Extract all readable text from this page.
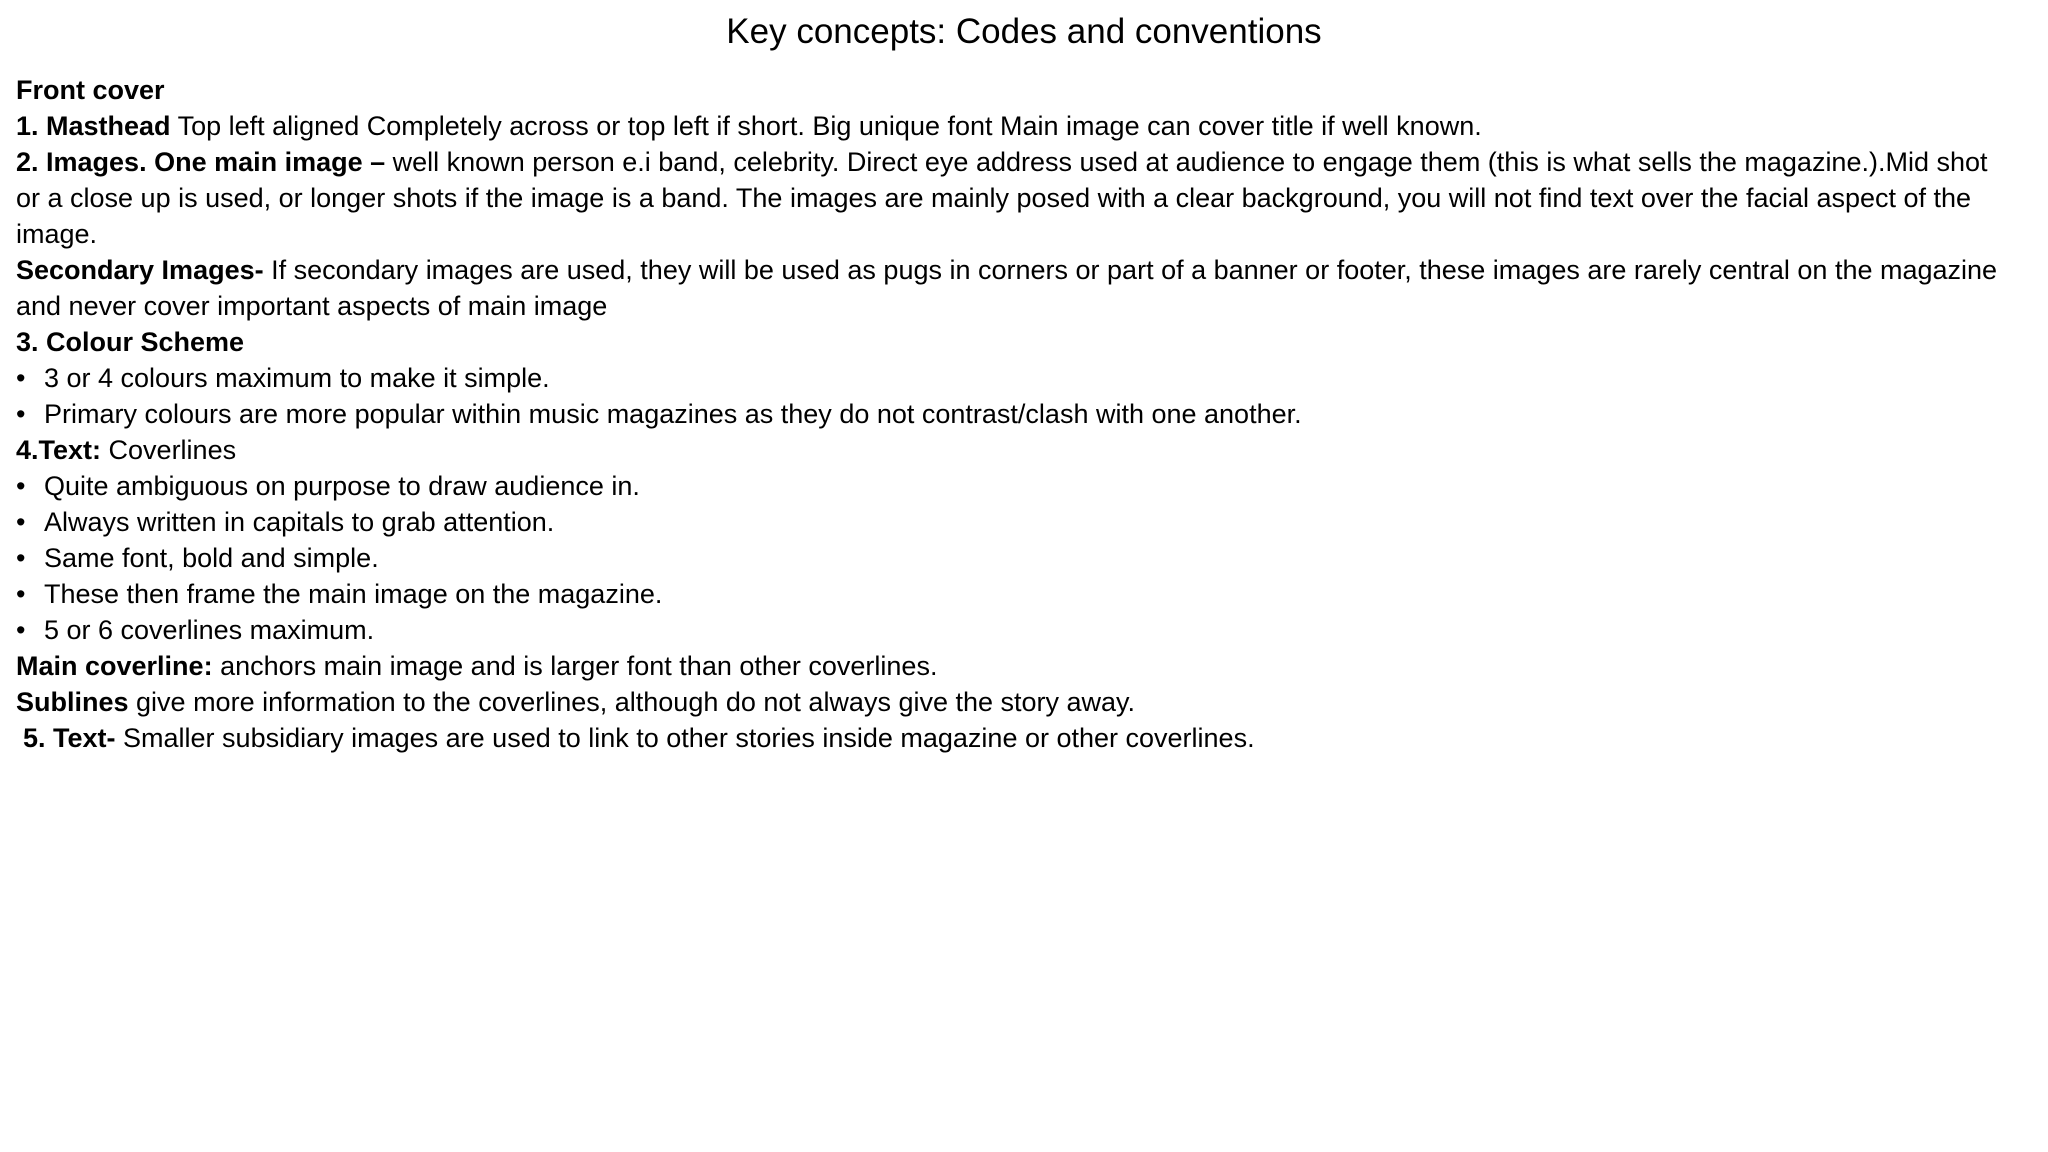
Key concepts: Codes and conventions

Front cover

1. Masthead Top left aligned Completely across or top left if short. Big unique font Main image can cover title if well known.

2. Images. One main image – well known person e.i band, celebrity. Direct eye address used at audience to engage them (this is what sells the magazine.).Mid shot or a close up is used, or longer shots if the image is a band. The images are mainly posed with a clear background, you will not find text over the facial aspect of the image.

Secondary Images- If secondary images are used, they will be used as pugs in corners or part of a banner or footer, these images are rarely central on the magazine and never cover important aspects of main image

3. Colour Scheme

• 3 or 4 colours maximum to make it simple.
• Primary colours are more popular within music magazines as they do not contrast/clash with one another.

4.Text: Coverlines

• Quite ambiguous on purpose to draw audience in.
• Always written in capitals to grab attention.
• Same font, bold and simple.
• These then frame the main image on the magazine.
• 5 or 6 coverlines maximum.

Main coverline: anchors main image and is larger font than other coverlines.

Sublines give more information to the coverlines, although do not always give the story away.

5. Text- Smaller subsidiary images are used to link to other stories inside magazine or other coverlines.
